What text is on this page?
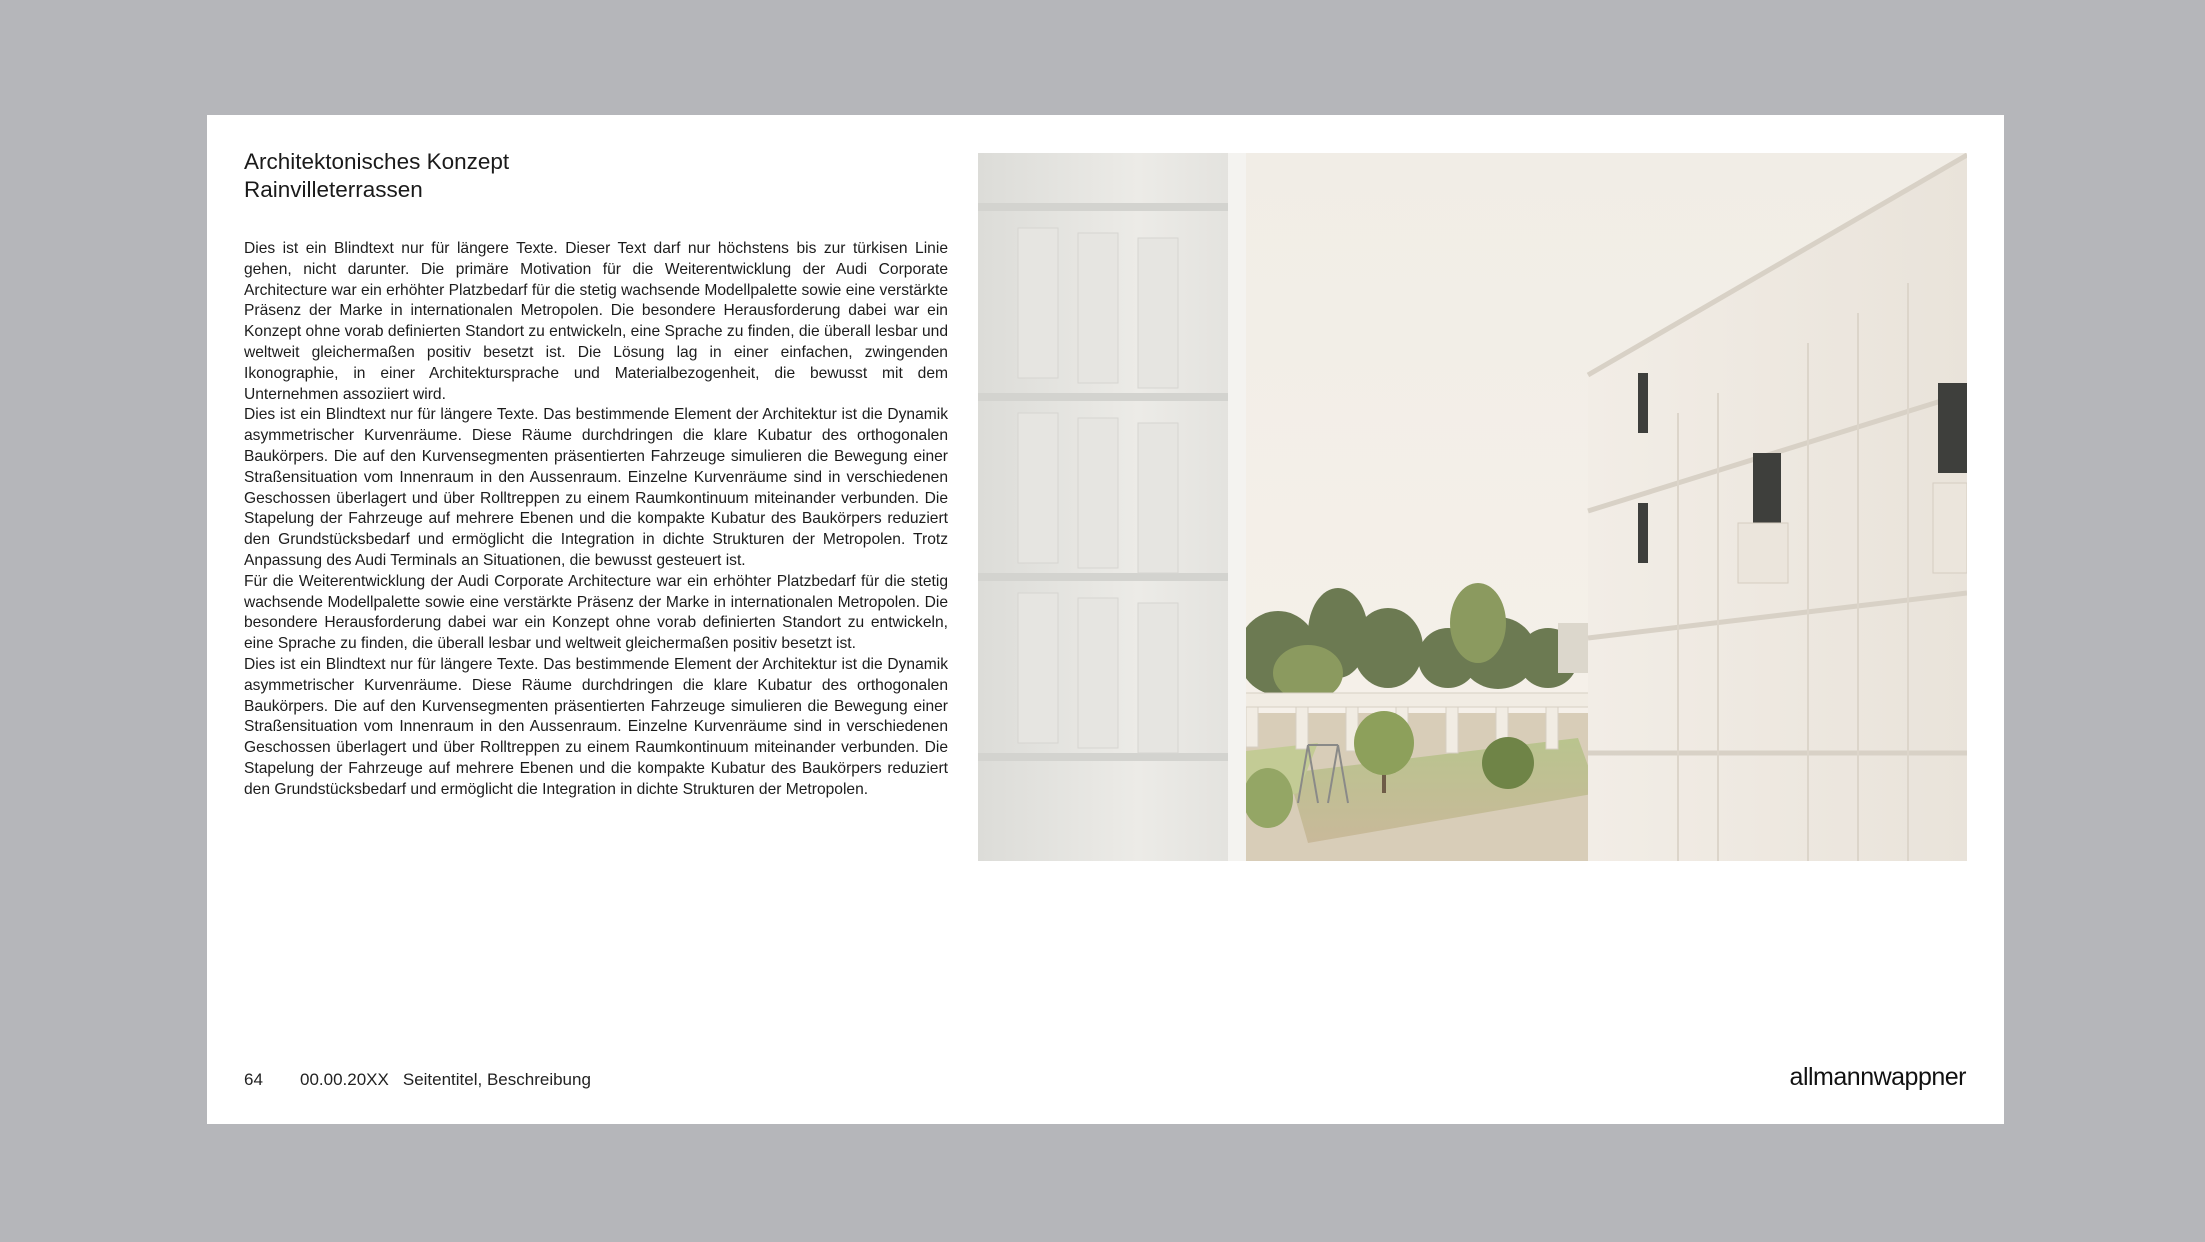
Architektonisches Konzept
Rainvilleterrassen

Dies ist ein Blindtext nur für längere Texte. Dieser Text darf nur höchstens bis zur türkisen Linie gehen, nicht darunter. Die primäre Motivation für die Weiterentwicklung der Audi Corporate Architecture war ein erhöhter Platzbedarf für die stetig wachsende Modellpalette sowie eine verstärkte Präsenz der Marke in internationalen Metropolen. Die besondere Herausforderung dabei war ein Konzept ohne vorab definierten Standort zu entwickeln, eine Sprache zu finden, die überall lesbar und weltweit gleichermaßen positiv besetzt ist. Die Lösung lag in einer einfachen, zwingenden Ikonographie, in einer Architektursprache und Materialbezogenheit, die bewusst mit dem Unternehmen assoziiert wird.

Dies ist ein Blindtext nur für längere Texte. Das bestimmende Element der Architektur ist die Dynamik asymmetrischer Kurvenräume. Diese Räume durchdringen die klare Kubatur des orthogonalen Baukörpers. Die auf den Kurvensegmenten präsentierten Fahrzeuge simulieren die Bewegung einer Straßensituation vom Innenraum in den Aussenraum. Einzelne Kurvenräume sind in verschiedenen Geschossen überlagert und über Rolltreppen zu einem Raumkontinuum miteinander verbunden. Die Stapelung der Fahrzeuge auf mehrere Ebenen und die kompakte Kubatur des Baukörpers reduziert den Grundstücksbedarf und ermöglicht die Integration in dichte Strukturen der Metropolen. Trotz Anpassung des Audi Terminals an Situationen, die bewusst gesteuert ist.

Für die Weiterentwicklung der Audi Corporate Architecture war ein erhöhter Platzbedarf für die stetig wachsende Modellpalette sowie eine verstärkte Präsenz der Marke in internationalen Metropolen. Die besondere Herausforderung dabei war ein Konzept ohne vorab definierten Standort zu entwickeln, eine Sprache zu finden, die überall lesbar und weltweit gleichermaßen positiv besetzt ist.

Dies ist ein Blindtext nur für längere Texte. Das bestimmende Element der Architektur ist die Dynamik asymmetrischer Kurvenräume. Diese Räume durchdringen die klare Kubatur des orthogonalen Baukörpers. Die auf den Kurvensegmenten präsentierten Fahrzeuge simulieren die Bewegung einer Straßensituation vom Innenraum in den Aussenraum. Einzelne Kurvenräume sind in verschiedenen Geschossen überlagert und über Rolltreppen zu einem Raumkontinuum miteinander verbunden. Die Stapelung der Fahrzeuge auf mehrere Ebenen und die kompakte Kubatur des Baukörpers reduziert den Grundstücksbedarf und ermöglicht die Integration in dichte Strukturen der Metropolen.

64 00.00.20XX Seitentitel, Beschreibung	allmannwappner
